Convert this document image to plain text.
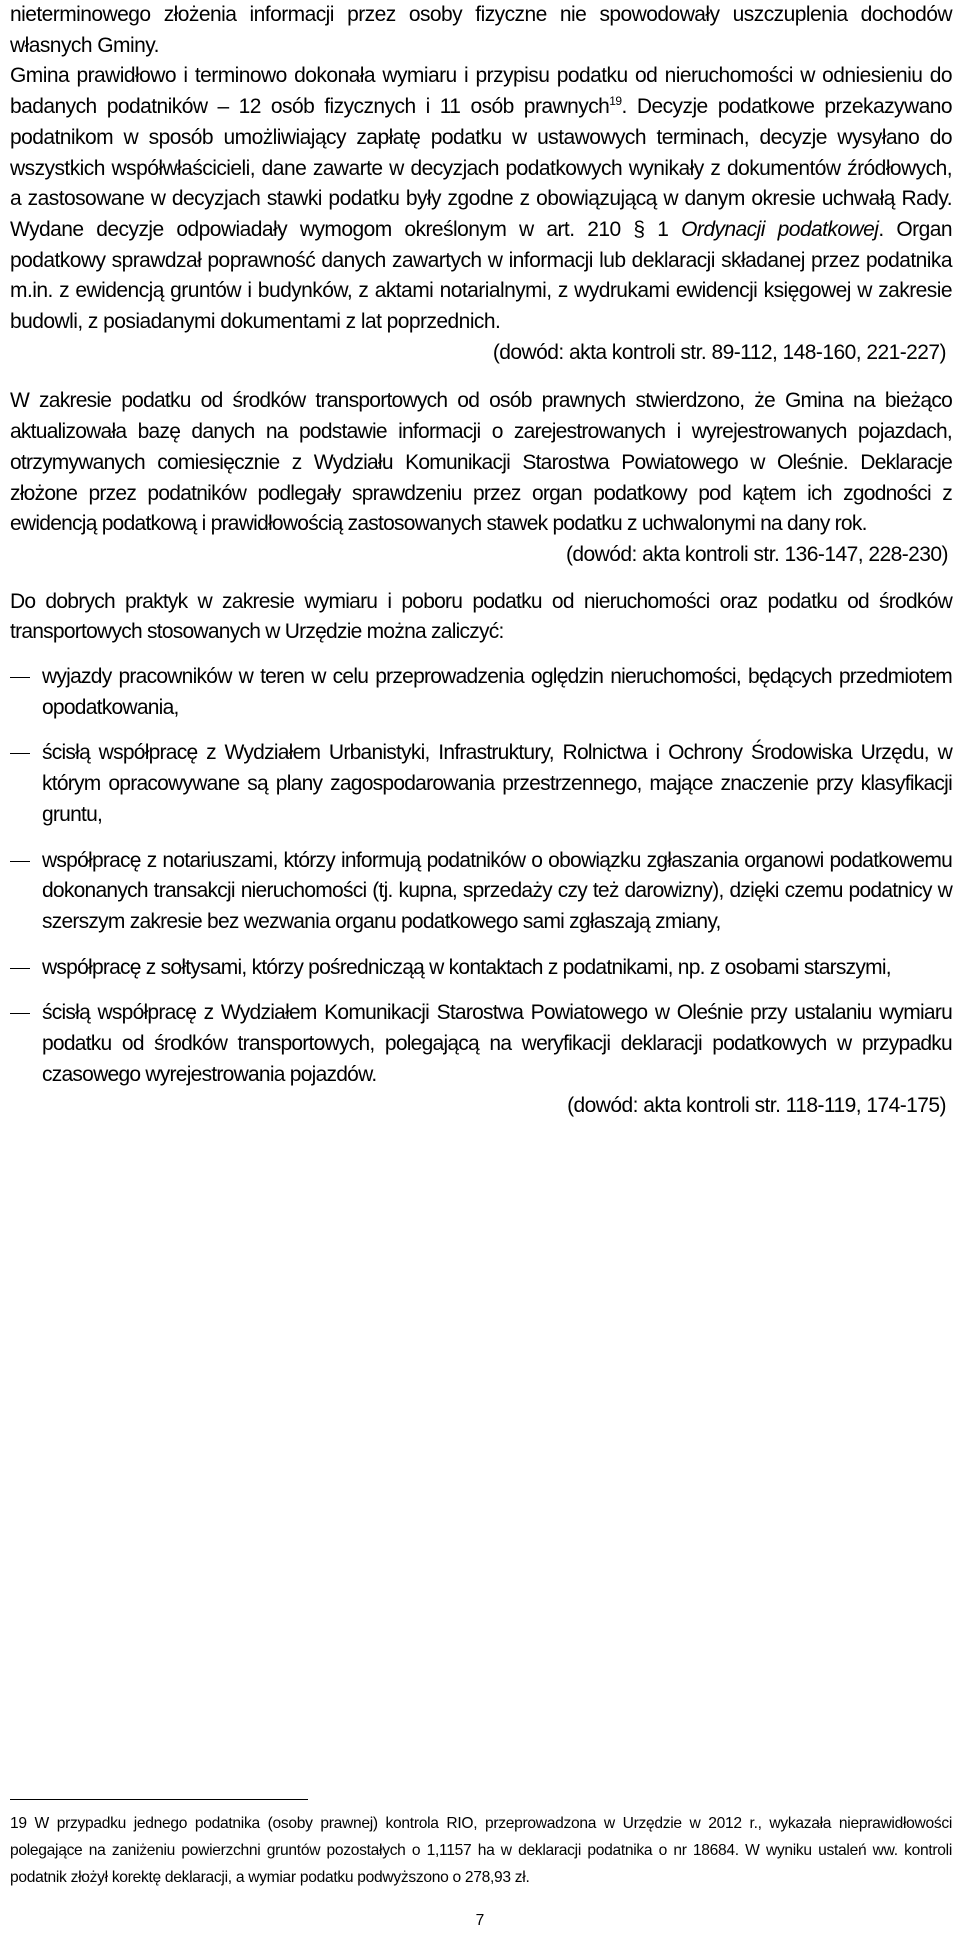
nieterminowego złożenia informacji przez osoby fizyczne nie spowodowały uszczuplenia dochodów własnych Gminy.

Gmina prawidłowo i terminowo dokonała wymiaru i przypisu podatku od nieruchomości w odniesieniu do badanych podatników – 12 osób fizycznych i 11 osób prawnych$^{19}$. Decyzje podatkowe przekazywano podatnikom w sposób umożliwiający zapłatę podatku w ustawowych terminach, decyzje wysyłano do wszystkich współwłaścicieli, dane zawarte w decyzjach podatkowych wynikały z dokumentów źródłowych, a zastosowane w decyzjach stawki podatku były zgodne z obowiązującą w danym okresie uchwałą Rady. Wydane decyzje odpowiadały wymogom określonym w art. 210 § 1 Ordynacji podatkowej. Organ podatkowy sprawdzał poprawność danych zawartych w informacji lub deklaracji składanej przez podatnika m.in. z ewidencją gruntów i budynków, z aktami notarialnymi, z wydrukami ewidencji księgowej w zakresie budowli, z posiadanymi dokumentami z lat poprzednich.

(dowód: akta kontroli str. 89-112, 148-160, 221-227)

W zakresie podatku od środków transportowych od osób prawnych stwierdzono, że Gmina na bieżąco aktualizowała bazę danych na podstawie informacji o zarejestrowanych i wyrejestrowanych pojazdach, otrzymywanych comiesięcznie z Wydziału Komunikacji Starostwa Powiatowego w Oleśnie. Deklaracje złożone przez podatników podlegały sprawdzeniu przez organ podatkowy pod kątem ich zgodności z ewidencją podatkową i prawidłowością zastosowanych stawek podatku z uchwalonymi na dany rok.

(dowód: akta kontroli str. 136-147, 228-230)

Do dobrych praktyk w zakresie wymiaru i poboru podatku od nieruchomości oraz podatku od środków transportowych stosowanych w Urzędzie można zaliczyć:

wyjazdy pracowników w teren w celu przeprowadzenia oględzin nieruchomości, będących przedmiotem opodatkowania,
ścisłą współpracę z Wydziałem Urbanistyki, Infrastruktury, Rolnictwa i Ochrony Środowiska Urzędu, w którym opracowywane są plany zagospodarowania przestrzennego, mające znaczenie przy klasyfikacji gruntu,
współpracę z notariuszami, którzy informują podatników o obowiązku zgłaszania organowi podatkowemu dokonanych transakcji nieruchomości (tj. kupna, sprzedaży czy też darowizny), dzięki czemu podatnicy w szerszym zakresie bez wezwania organu podatkowego sami zgłaszają zmiany,
współpracę z sołtysami, którzy pośrednicząą w kontaktach z podatnikami, np. z osobami starszymi,
ścisłą współpracę z Wydziałem Komunikacji Starostwa Powiatowego w Oleśnie przy ustalaniu wymiaru podatku od środków transportowych, polegającą na weryfikacji deklaracji podatkowych w przypadku czasowego wyrejestrowania pojazdów.

(dowód: akta kontroli str. 118-119, 174-175)

19 W przypadku jednego podatnika (osoby prawnej) kontrola RIO, przeprowadzona w Urzędzie w 2012 r., wykazała nieprawidłowości polegające na zaniżeniu powierzchni gruntów pozostałych o 1,1157 ha w deklaracji podatnika o nr 18684. W wyniku ustaleń ww. kontroli podatnik złożył korektę deklaracji, a wymiar podatku podwyższono o 278,93 zł.

7
